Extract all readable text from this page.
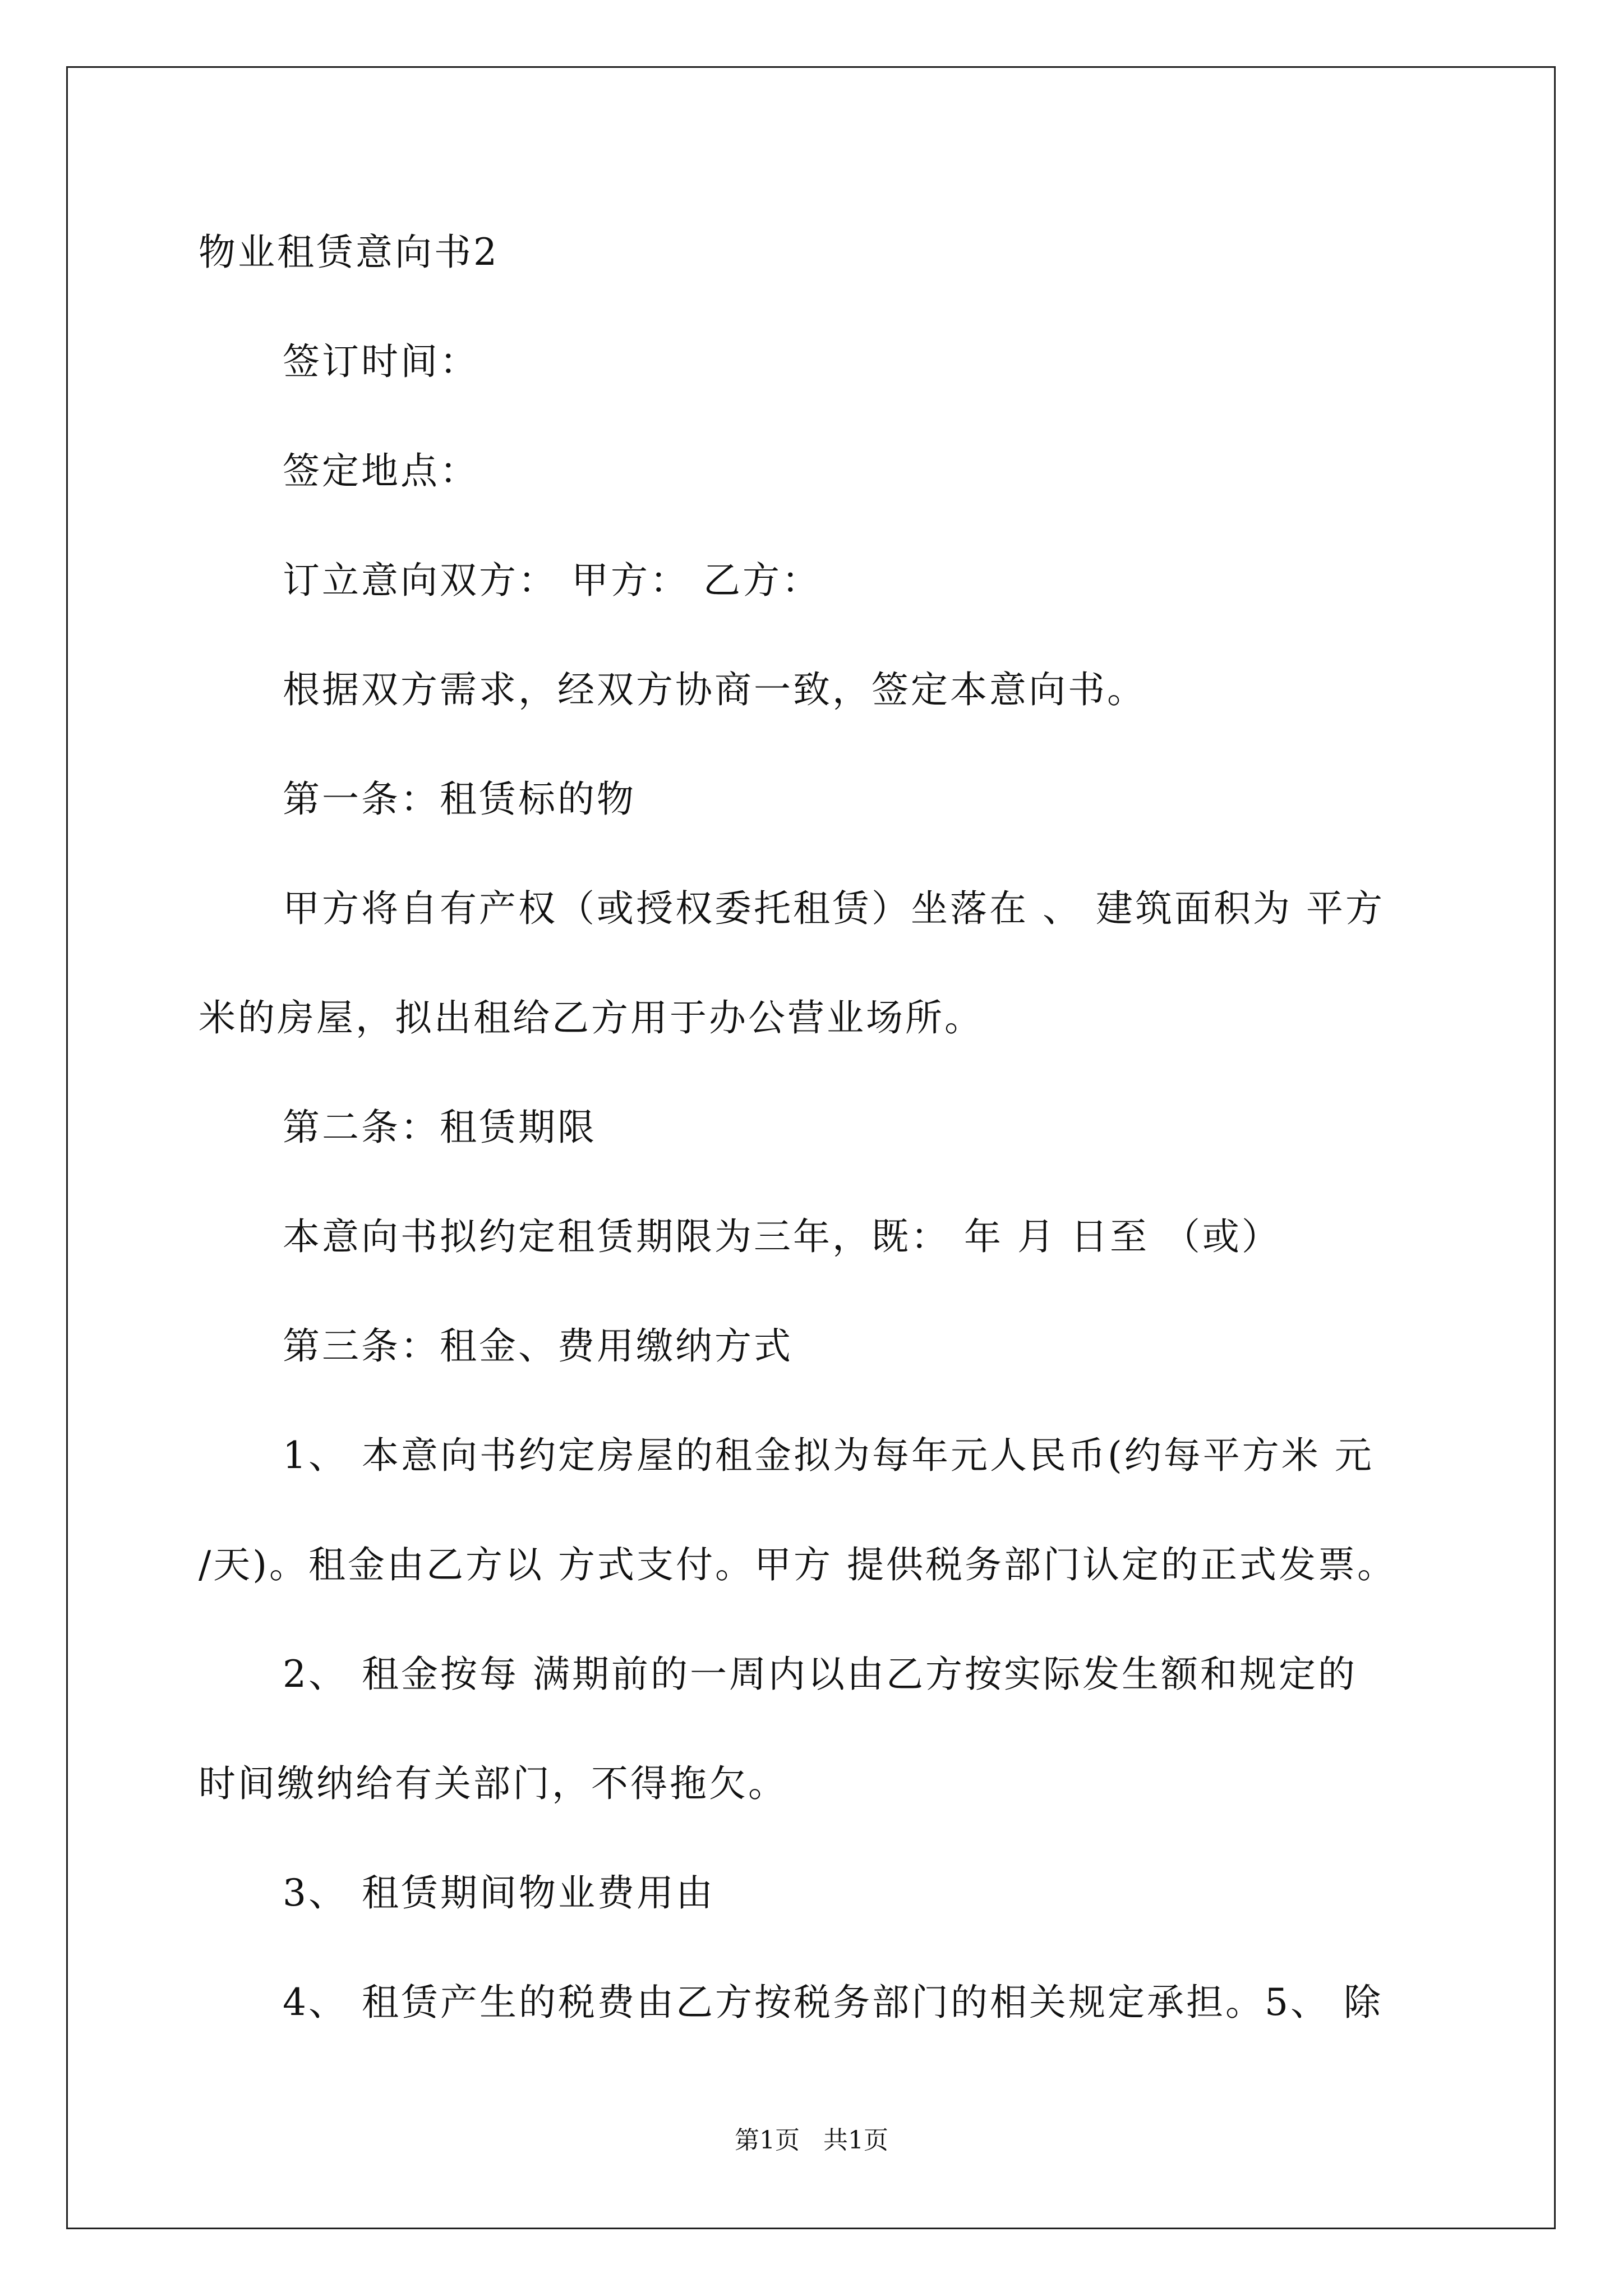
物业租赁意向书2
签订时间：
签定地点：
订立意向双方： 甲方： 乙方：
根据双方需求，经双方协商一致，签定本意向书。
第一条：租赁标的物
甲方将自有产权（或授权委托租赁）坐落在 、 建筑面积为 平方
米的房屋，拟出租给乙方用于办公营业场所。
第二条：租赁期限
本意向书拟约定租赁期限为三年，既： 年 月 日至 （或）
第三条：租金、费用缴纳方式
1、 本意向书约定房屋的租金拟为每年元人民币(约每平方米 元
/天)。租金由乙方以 方式支付。甲方 提供税务部门认定的正式发票。
2、 租金按每 满期前的一周内以由乙方按实际发生额和规定的
时间缴纳给有关部门，不得拖欠。
3、 租赁期间物业费用由
4、 租赁产生的税费由乙方按税务部门的相关规定承担。5、 除
第1页   共1页
